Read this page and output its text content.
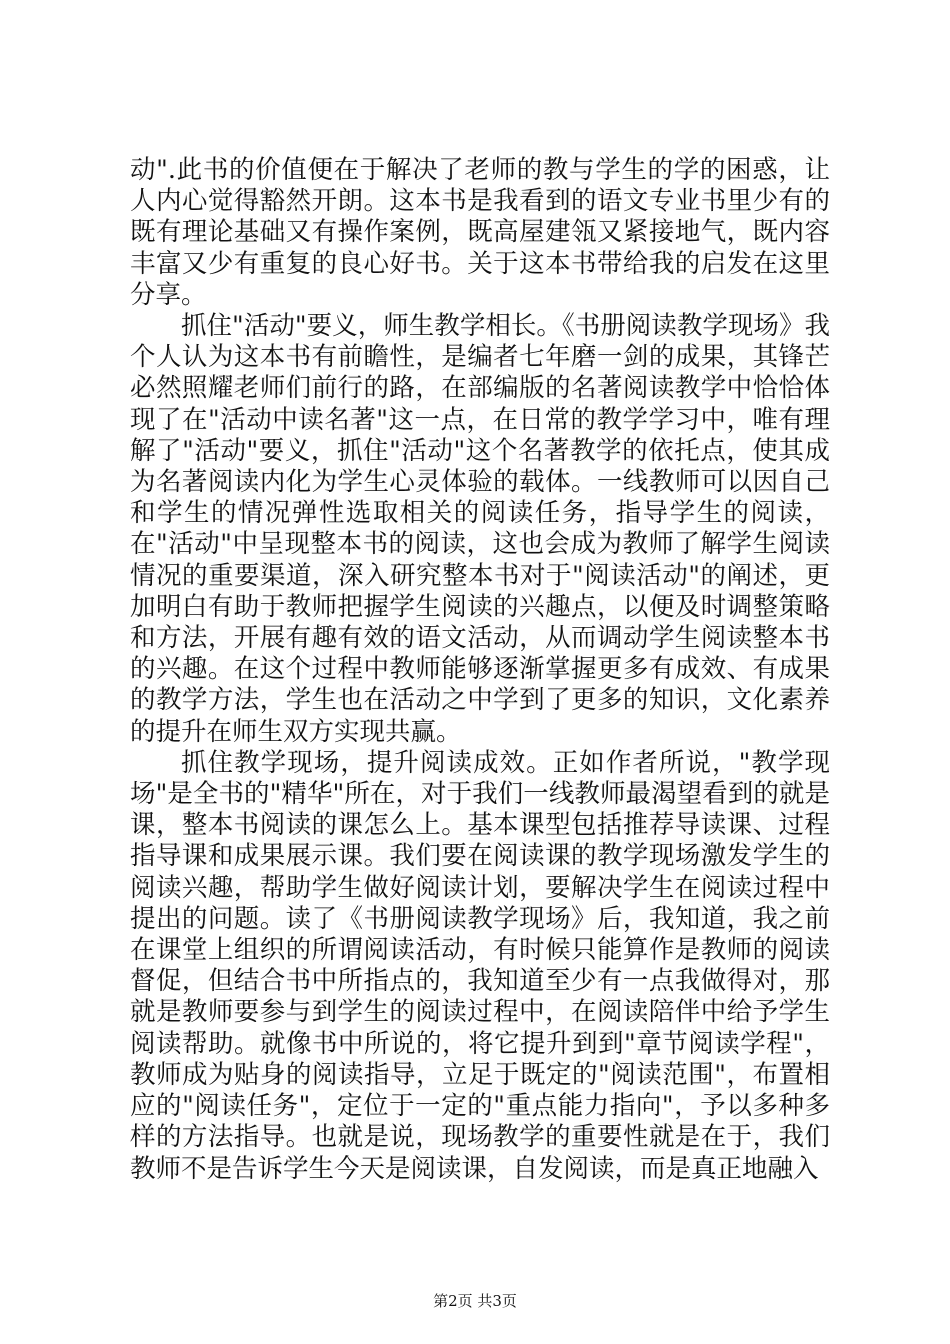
动".此书的价值便在于解决了老师的教与学生的学的困惑，让人内心觉得豁然开朗。这本书是我看到的语文专业书里少有的既有理论基础又有操作案例，既高屋建瓴又紧接地气，既内容丰富又少有重复的良心好书。关于这本书带给我的启发在这里分享。

抓住"活动"要义，师生教学相长。《书册阅读教学现场》我个人认为这本书有前瞻性，是编者七年磨一剑的成果，其锋芒必然照耀老师们前行的路，在部编版的名著阅读教学中恰恰体现了在"活动中读名著"这一点，在日常的教学学习中，唯有理解了"活动"要义，抓住"活动"这个名著教学的依托点，使其成为名著阅读内化为学生心灵体验的载体。一线教师可以因自己和学生的情况弹性选取相关的阅读任务，指导学生的阅读，在"活动"中呈现整本书的阅读，这也会成为教师了解学生阅读情况的重要渠道，深入研究整本书对于"阅读活动"的阐述，更加明白有助于教师把握学生阅读的兴趣点，以便及时调整策略和方法，开展有趣有效的语文活动，从而调动学生阅读整本书的兴趣。在这个过程中教师能够逐渐掌握更多有成效、有成果的教学方法，学生也在活动之中学到了更多的知识，文化素养的提升在师生双方实现共赢。

抓住教学现场，提升阅读成效。正如作者所说，"教学现场"是全书的"精华"所在，对于我们一线教师最渴望看到的就是课，整本书阅读的课怎么上。基本课型包括推荐导读课、过程指导课和成果展示课。我们要在阅读课的教学现场激发学生的阅读兴趣，帮助学生做好阅读计划，要解决学生在阅读过程中提出的问题。读了《书册阅读教学现场》后，我知道，我之前在课堂上组织的所谓阅读活动，有时候只能算作是教师的阅读督促，但结合书中所指点的，我知道至少有一点我做得对，那就是教师要参与到学生的阅读过程中，在阅读陪伴中给予学生阅读帮助。就像书中所说的，将它提升到到"章节阅读学程"，教师成为贴身的阅读指导，立足于既定的"阅读范围"，布置相应的"阅读任务"，定位于一定的"重点能力指向"，予以多种多样的方法指导。也就是说，现场教学的重要性就是在于，我们教师不是告诉学生今天是阅读课，自发阅读，而是真正地融入

第2页 共3页
